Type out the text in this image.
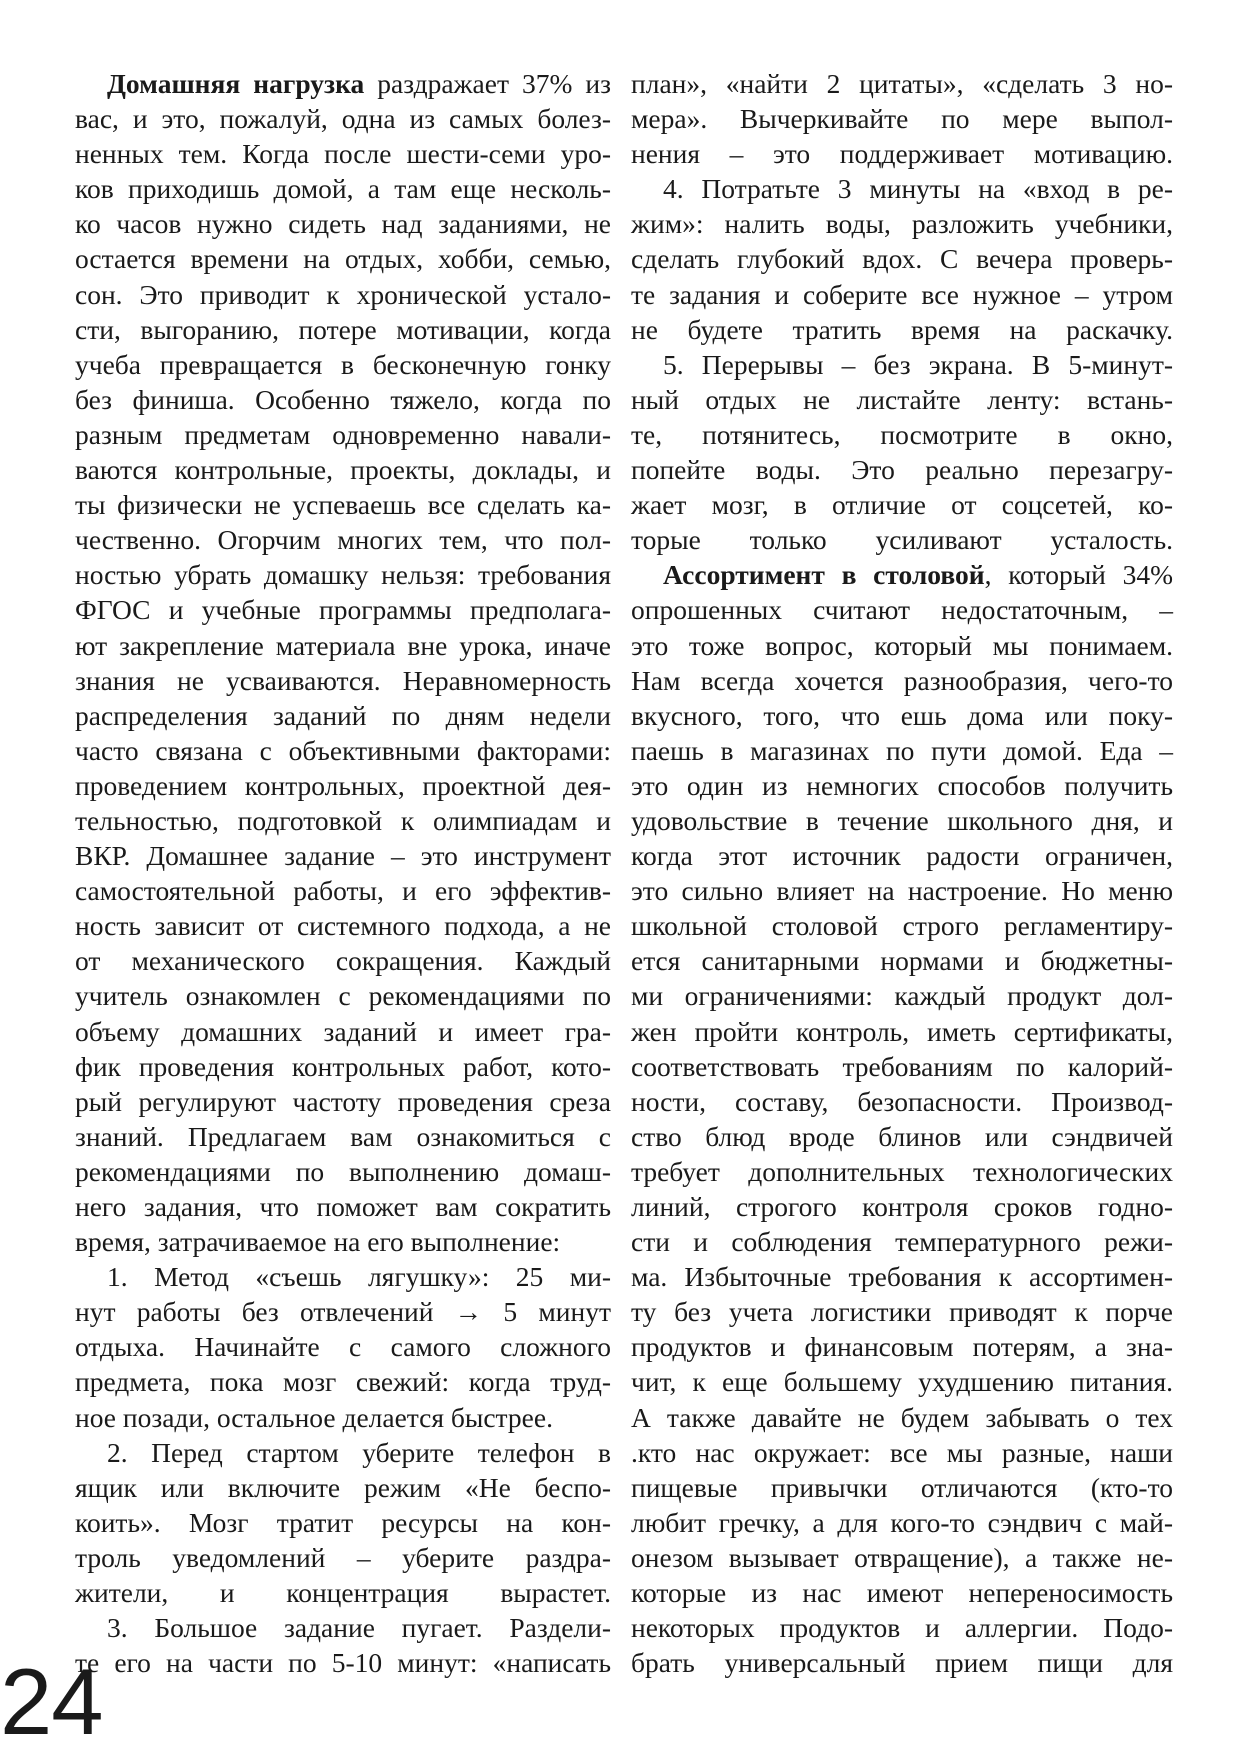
Домашняя нагрузка раздражает 37% из
вас, и это, пожалуй, одна из самых болез-
ненных тем. Когда после шести-семи уро-
ков приходишь домой, а там еще несколь-
ко часов нужно сидеть над заданиями, не
остается времени на отдых, хобби, семью,
сон. Это приводит к хронической устало-
сти, выгоранию, потере мотивации, когда
учеба превращается в бесконечную гонку
без финиша. Особенно тяжело, когда по
разным предметам одновременно навали-
ваются контрольные, проекты, доклады, и
ты физически не успеваешь все сделать ка-
чественно. Огорчим многих тем, что пол-
ностью убрать домашку нельзя: требования
ФГОС и учебные программы предполага-
ют закрепление материала вне урока, иначе
знания не усваиваются. Неравномерность
распределения заданий по дням недели
часто связана с объективными факторами:
проведением контрольных, проектной дея-
тельностью, подготовкой к олимпиадам и
ВКР. Домашнее задание – это инструмент
самостоятельной работы, и его эффектив-
ность зависит от системного подхода, а не
от механического сокращения. Каждый
учитель ознакомлен с рекомендациями по
объему домашних заданий и имеет гра-
фик проведения контрольных работ, кото-
рый регулируют частоту проведения среза
знаний. Предлагаем вам ознакомиться с
рекомендациями по выполнению домаш-
него задания, что поможет вам сократить
время, затрачиваемое на его выполнение:
1. Метод «съешь лягушку»: 25 ми-
нут работы без отвлечений → 5 минут
отдыха. Начинайте с самого сложного
предмета, пока мозг свежий: когда труд-
ное позади, остальное делается быстрее.
2. Перед стартом уберите телефон в
ящик или включите режим «Не беспо-
коить». Мозг тратит ресурсы на кон-
троль уведомлений – уберите раздра-
жители, и концентрация вырастет.
3. Большое задание пугает. Раздели-
те его на части по 5-10 минут: «написать
план», «найти 2 цитаты», «сделать 3 но-
мера». Вычеркивайте по мере выпол-
нения – это поддерживает мотивацию.
4. Потратьте 3 минуты на «вход в ре-
жим»: налить воды, разложить учебники,
сделать глубокий вдох. С вечера проверь-
те задания и соберите все нужное – утром
не будете тратить время на раскачку.
5. Перерывы – без экрана. В 5-минут-
ный отдых не листайте ленту: встань-
те, потянитесь, посмотрите в окно,
попейте воды. Это реально перезагру-
жает мозг, в отличие от соцсетей, ко-
торые только усиливают усталость.
Ассортимент в столовой, который 34%
опрошенных считают недостаточным, –
это тоже вопрос, который мы понимаем.
Нам всегда хочется разнообразия, чего-то
вкусного, того, что ешь дома или поку-
паешь в магазинах по пути домой. Еда –
это один из немногих способов получить
удовольствие в течение школьного дня, и
когда этот источник радости ограничен,
это сильно влияет на настроение. Но меню
школьной столовой строго регламентиру-
ется санитарными нормами и бюджетны-
ми ограничениями: каждый продукт дол-
жен пройти контроль, иметь сертификаты,
соответствовать требованиям по калорий-
ности, составу, безопасности. Производ-
ство блюд вроде блинов или сэндвичей
требует дополнительных технологических
линий, строгого контроля сроков годно-
сти и соблюдения температурного режи-
ма. Избыточные требования к ассортимен-
ту без учета логистики приводят к порче
продуктов и финансовым потерям, а зна-
чит, к еще большему ухудшению питания.
А также давайте не будем забывать о тех
.кто нас окружает: все мы разные, наши
пищевые привычки отличаются (кто-то
любит гречку, а для кого-то сэндвич с май-
онезом вызывает отвращение), а также не-
которые из нас имеют непереносимость
некоторых продуктов и аллергии. Подо-
брать универсальный прием пищи для
24
